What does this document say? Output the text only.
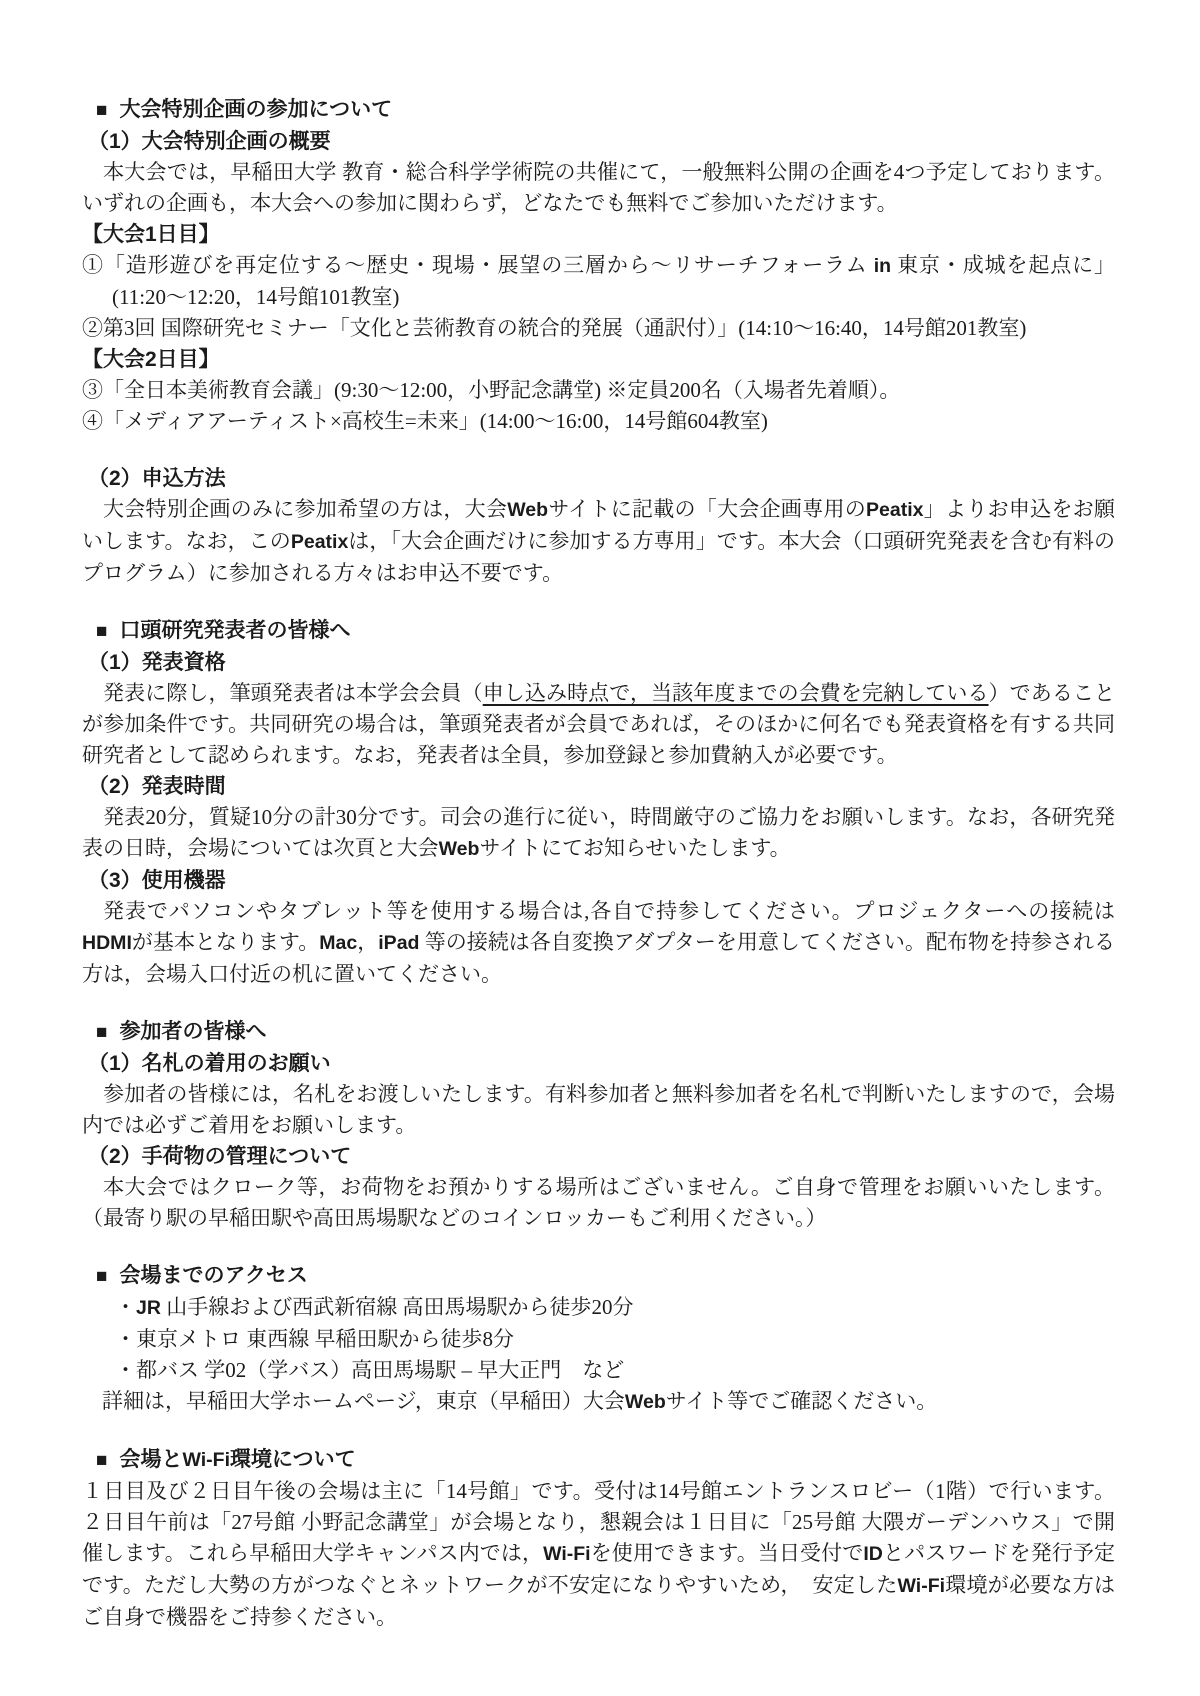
■ 大会特別企画の参加について
（1）大会特別企画の概要

本大会では，早稲田大学 教育・総合科学学術院の共催にて，一般無料公開の企画を4つ予定しております。いずれの企画も，本大会への参加に関わらず，どなたでも無料でご参加いただけます。

【大会1日目】
①「造形遊びを再定位する～歴史・現場・展望の三層から～リサーチフォーラム in 東京・成城を起点に」(11:20～12:20，14号館101教室)
②第3回 国際研究セミナー「文化と芸術教育の統合的発展（通訳付）」(14:10～16:40，14号館201教室)
【大会2日目】
③「全日本美術教育会議」(9:30～12:00，小野記念講堂) ※定員200名（入場者先着順）。
④「メディアアーティスト×高校生=未来」(14:00～16:00，14号館604教室)
（2）申込方法

大会特別企画のみに参加希望の方は，大会Webサイトに記載の「大会企画専用のPeatix」よりお申込をお願いします。なお，このPeatixは，「大会企画だけに参加する方専用」です。本大会（口頭研究発表を含む有料のプログラム）に参加される方々はお申込不要です。

■ 口頭研究発表者の皆様へ
（1）発表資格

発表に際し，筆頭発表者は本学会会員（申し込み時点で，当該年度までの会費を完納している）であることが参加条件です。共同研究の場合は，筆頭発表者が会員であれば，そのほかに何名でも発表資格を有する共同研究者として認められます。なお，発表者は全員，参加登録と参加費納入が必要です。

（2）発表時間

発表20分，質疑10分の計30分です。司会の進行に従い，時間厳守のご協力をお願いします。なお，各研究発表の日時，会場については次頁と大会Webサイトにてお知らせいたします。

（3）使用機器

発表でパソコンやタブレット等を使用する場合は,各自で持参してください。プロジェクターへの接続はHDMIが基本となります。Mac，iPad 等の接続は各自変換アダプターを用意してください。配布物を持参される方は，会場入口付近の机に置いてください。

■ 参加者の皆様へ
（1）名札の着用のお願い

参加者の皆様には，名札をお渡しいたします。有料参加者と無料参加者を名札で判断いたしますので，会場内では必ずご着用をお願いします。

（2）手荷物の管理について

本大会ではクローク等，お荷物をお預かりする場所はございません。ご自身で管理をお願いいたします。（最寄り駅の早稲田駅や高田馬場駅などのコインロッカーもご利用ください。）

■ 会場までのアクセス
・JR 山手線および西武新宿線 高田馬場駅から徒歩20分
・東京メトロ 東西線 早稲田駅から徒歩8分
・都バス 学02（学バス）高田馬場駅 – 早大正門　など
詳細は，早稲田大学ホームページ，東京（早稲田）大会Webサイト等でご確認ください。
■ 会場とWi-Fi環境について

１日目及び２日目午後の会場は主に「14号館」です。受付は14号館エントランスロビー（1階）で行います。２日目午前は「27号館 小野記念講堂」が会場となり，懇親会は１日目に「25号館 大隈ガーデンハウス」で開催します。これら早稲田大学キャンパス内では，Wi-Fiを使用できます。当日受付でIDとパスワードを発行予定です。ただし大勢の方がつなぐとネットワークが不安定になりやすいため，　安定したWi-Fi環境が必要な方はご自身で機器をご持参ください。
